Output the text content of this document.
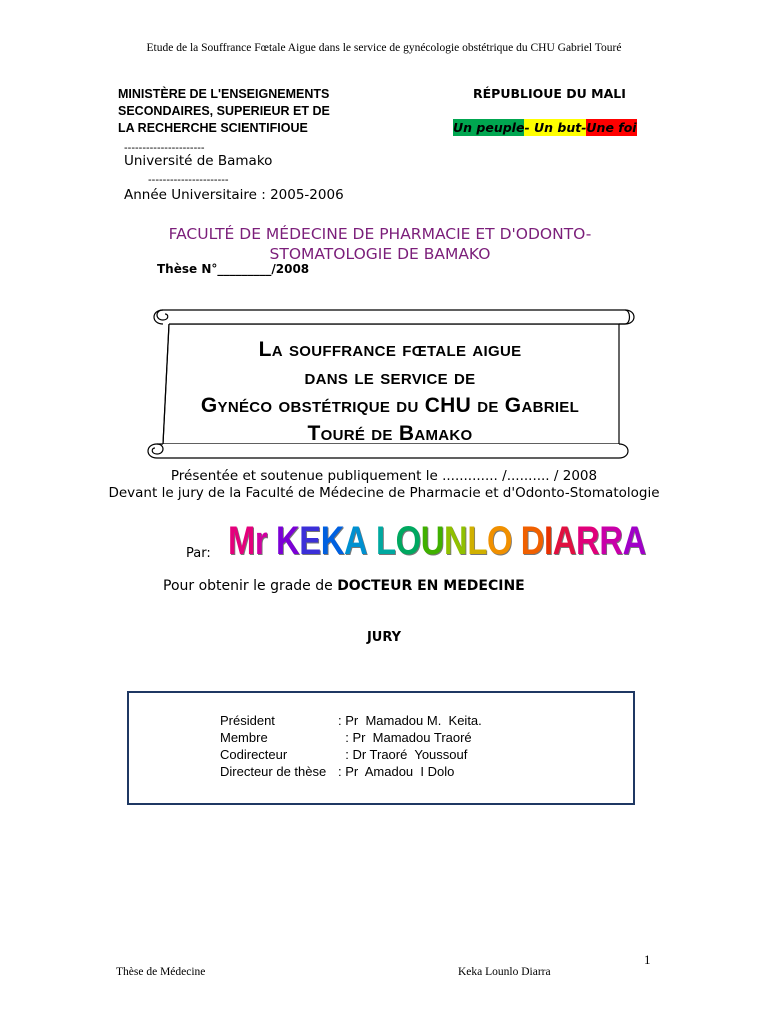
Etude de la Souffrance Fœtale Aigue dans le service de gynécologie obstétrique du CHU Gabriel Touré
MINISTÈRE DE L'ENSEIGNEMENTS
SECONDAIRES, SUPERIEUR ET DE
LA RECHERCHE SCIENTIFIOUE
RÉPUBLIOUE DU MALI
Un peuple - Un but- Une foi
----------------------
Université de Bamako
----------------------
Année Universitaire : 2005-2006
FACULTÉ DE MÉDECINE DE PHARMACIE ET D'ODONTO-
STOMATOLOGIE DE BAMAKO
Thèse N°_________/2008
La souffrance fœtale aigue
dans le service de
Gynéco obstétrique du CHU de Gabriel
Touré de Bamako
Présentée et soutenue publiquement le ............. /.......... / 2008
Devant le jury de la Faculté de Médecine de Pharmacie et d'Odonto-Stomatologie
Par: Mr KEKA LOUNLO DIARRA
Pour obtenir le grade de DOCTEUR EN MEDECINE
JURY
Président	: Pr  Mamadou M.  Keita.
Membre	: Pr  Mamadou Traoré
Codirecteur	: Dr Traoré  Youssouf
Directeur de thèse : Pr  Amadou  I Dolo
1
Thèse de Médecine	Keka Lounlo Diarra
